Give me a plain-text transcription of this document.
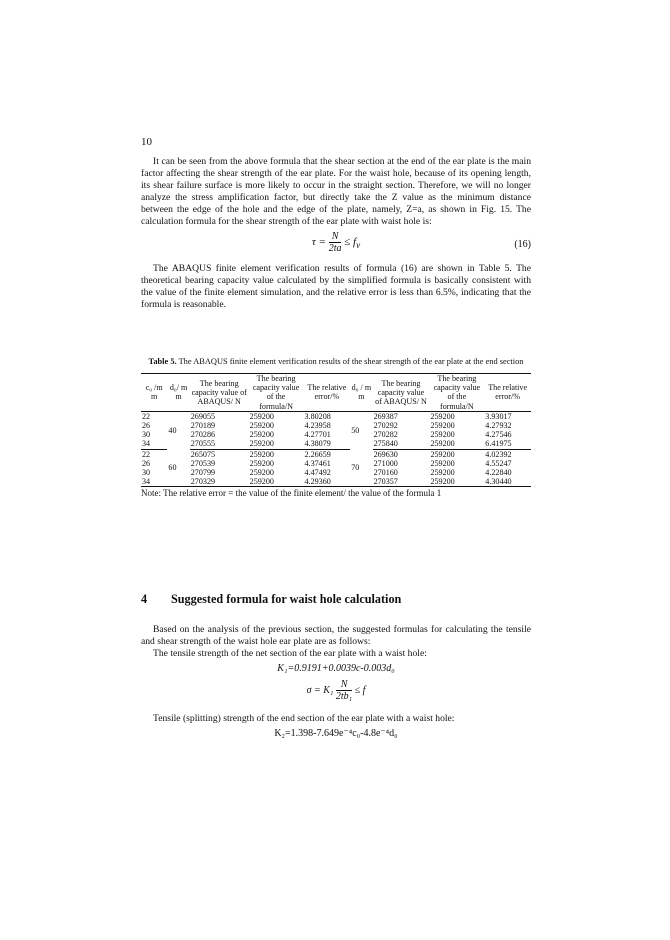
10

It can be seen from the above formula that the shear section at the end of the ear plate is the main factor affecting the shear strength of the ear plate. For the waist hole, because of its opening length, its shear failure surface is more likely to occur in the straight section. Therefore, we will no longer analyze the stress amplification factor, but directly take the Z value as the minimum distance between the edge of the hole and the edge of the plate, namely, Z=a, as shown in Fig. 15. The calculation formula for the shear strength of the ear plate with waist hole is:

$\tau = \frac{N}{2ta} \le f_v$	(16)

The ABAQUS finite element verification results of formula (16) are shown in Table 5. The theoretical bearing capacity value calculated by the simplified formula is basically consistent with the value of the finite element simulation, and the relative error is less than 6.5%, indicating that the formula is reasonable.

Table 5. The ABAQUS finite element verification results of the shear strength of the ear plate at the end section
c₀ /m m	d₀/ m m	The bearing capacity value of ABAQUS/ N	The bearing capacity value of the formula/N	The relative error/%	d₀ / m m	The bearing capacity value of ABAQUS/ N	The bearing capacity value of the formula/N	The relative error/%
22	40	269055	259200	3.80208	50	269387	259200	3.93017
26		270189	259200	4.23958		270292	259200	4.27932
30		270286	259200	4.27701		270282	259200	4.27546
34		270555	259200	4.38079		275840	259200	6.41975
22	60	265075	259200	2.26659	70	269630	259200	4.02392
26		270539	259200	4.37461		271000	259200	4.55247
30		270799	259200	4.47492		270160	259200	4.22840
34		270329	259200	4.29360		270357	259200	4.30440
Note: The relative error = the value of the finite element/ the value of the formula 1
4 Suggested formula for waist hole calculation

Based on the analysis of the previous section, the suggested formulas for calculating the tensile and shear strength of the waist hole ear plate are as follows:

The tensile strength of the net section of the ear plate with a waist hole:
K₁=0.9191+0.0039c-0.003d₀
$\sigma = K_1 \frac{N}{\text{2tb₁}} \le f$
Tensile (splitting) strength of the end section of the ear plate with a waist hole:
K₂=1.398-7.649e⁻⁴c₀-4.8e⁻⁴d₀
